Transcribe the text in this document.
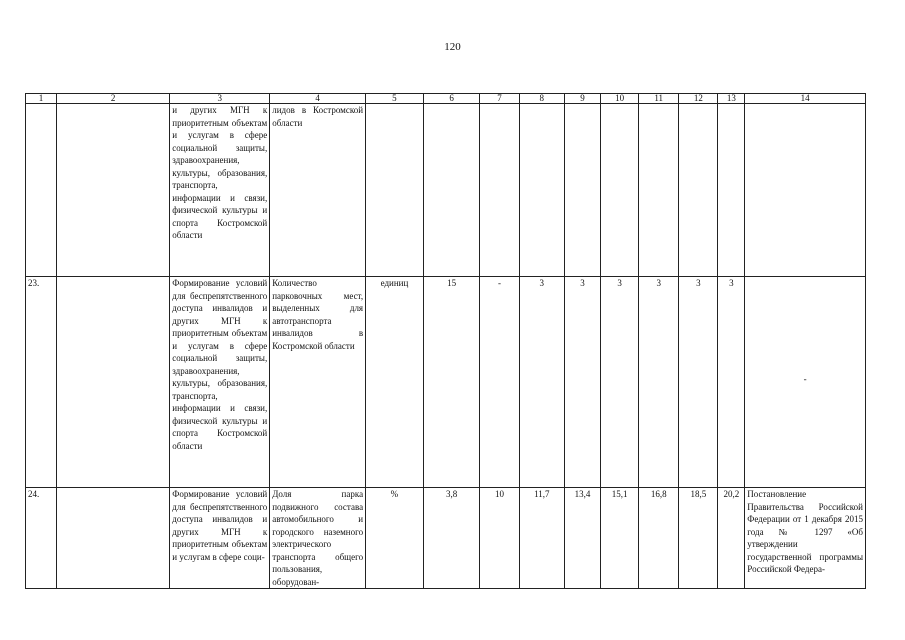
120
1	2	3	4	5	6	7	8	9	10	11	12	13	14
		и других МГН к приоритетным объектам и услугам в сфере социальной защиты, здравоохранения, культуры, образования, транспорта, информации и связи, физической культуры и спорта Костромской области	лидов в Костромской области										
23.		Формирование условий для беспрепятственного доступа инвалидов и других МГН к приоритетным объектам и услугам в сфере социальной защиты, здравоохранения, культуры, образования, транспорта, информации и связи, физической культуры и спорта Костромской области	Количество парковочных мест, выделенных для автотранспорта инвалидов в Костромской области	единиц	15	-	3	3	3	3	3	3	-

24.		Формирование условий для беспрепятственного доступа инвалидов и других МГН к приоритетным объектам и услугам в сфере соци-	Доля парка подвижного состава автомобильного и городского наземного электрического транспорта общего пользования, оборудован-	%	3,8	10	11,7	13,4	15,1	16,8	18,5	20,2	Постановление Правительства Российской Федерации от 1 декабря 2015 года № 1297 «Об утверждении государственной программы Российской Федера-
